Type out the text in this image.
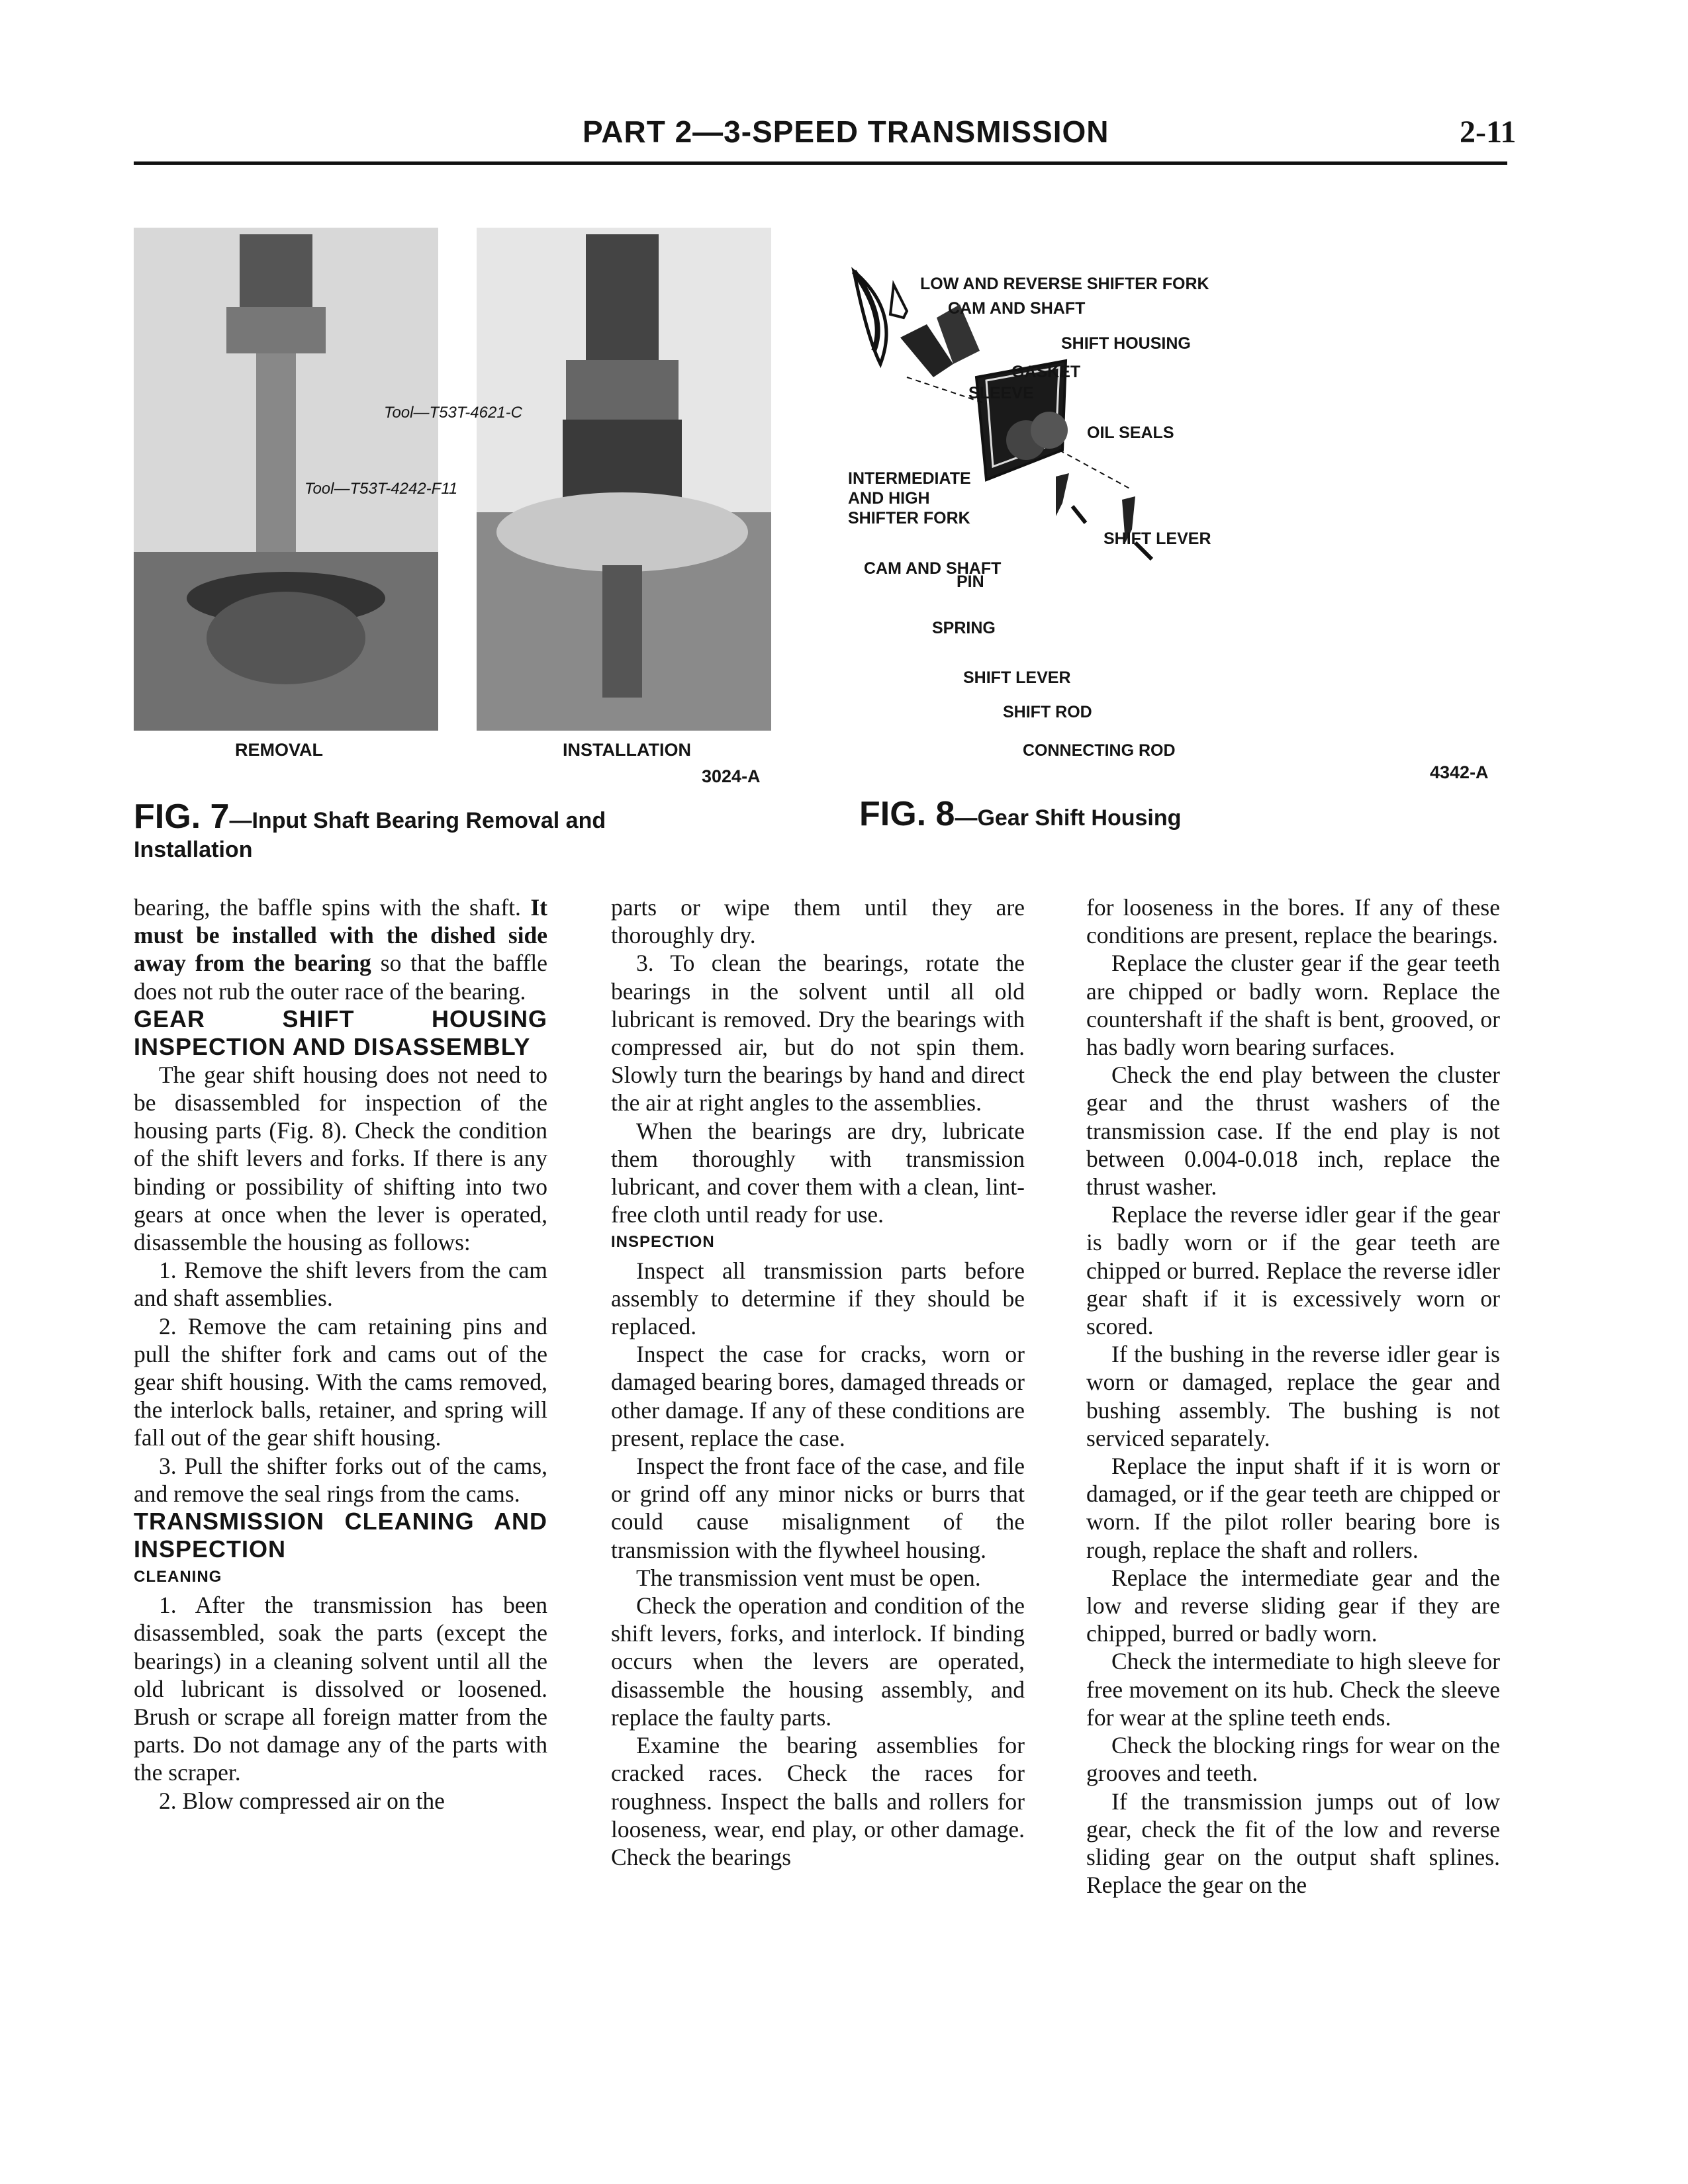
PART 2—3-SPEED TRANSMISSION	2-11
Tool—T53T-4621-C
Tool—T53T-4242-F11
REMOVAL	INSTALLATION
3024-A
FIG. 7—Input Shaft Bearing Removal and Installation
LOW AND REVERSE SHIFTER FORK
CAM AND SHAFT
SHIFT HOUSING
GASKET
SLEEVE
OIL SEALS
INTERMEDIATE
AND HIGH
SHIFTER FORK
SHIFT LEVER
CAM AND SHAFT
PIN
SPRING
SHIFT LEVER
SHIFT ROD
CONNECTING ROD
4342-A
FIG. 8—Gear Shift Housing

bearing, the baffle spins with the shaft. It must be installed with the dished side away from the bearing so that the baffle does not rub the outer race of the bearing.

GEAR SHIFT HOUSING INSPECTION AND DISASSEMBLY

The gear shift housing does not need to be disassembled for inspection of the housing parts (Fig. 8). Check the condition of the shift levers and forks. If there is any binding or possibility of shifting into two gears at once when the lever is operated, disassemble the housing as follows:

1. Remove the shift levers from the cam and shaft assemblies.

2. Remove the cam retaining pins and pull the shifter fork and cams out of the gear shift housing. With the cams removed, the interlock balls, retainer, and spring will fall out of the gear shift housing.

3. Pull the shifter forks out of the cams, and remove the seal rings from the cams.

TRANSMISSION CLEANING AND INSPECTION

CLEANING

1. After the transmission has been disassembled, soak the parts (except the bearings) in a cleaning solvent until all the old lubricant is dissolved or loosened. Brush or scrape all foreign matter from the parts. Do not damage any of the parts with the scraper.

2. Blow compressed air on the

parts or wipe them until they are thoroughly dry.

3. To clean the bearings, rotate the bearings in the solvent until all old lubricant is removed. Dry the bearings with compressed air, but do not spin them. Slowly turn the bearings by hand and direct the air at right angles to the assemblies.

When the bearings are dry, lubricate them thoroughly with transmission lubricant, and cover them with a clean, lint-free cloth until ready for use.

INSPECTION

Inspect all transmission parts before assembly to determine if they should be replaced.

Inspect the case for cracks, worn or damaged bearing bores, damaged threads or other damage. If any of these conditions are present, replace the case.

Inspect the front face of the case, and file or grind off any minor nicks or burrs that could cause misalignment of the transmission with the flywheel housing.

The transmission vent must be open.

Check the operation and condition of the shift levers, forks, and interlock. If binding occurs when the levers are operated, disassemble the housing assembly, and replace the faulty parts.

Examine the bearing assemblies for cracked races. Check the races for roughness. Inspect the balls and rollers for looseness, wear, end play, or other damage. Check the bearings

for looseness in the bores. If any of these conditions are present, replace the bearings.

Replace the cluster gear if the gear teeth are chipped or badly worn. Replace the countershaft if the shaft is bent, grooved, or has badly worn bearing surfaces.

Check the end play between the cluster gear and the thrust washers of the transmission case. If the end play is not between 0.004-0.018 inch, replace the thrust washer.

Replace the reverse idler gear if the gear is badly worn or if the gear teeth are chipped or burred. Replace the reverse idler gear shaft if it is excessively worn or scored.

If the bushing in the reverse idler gear is worn or damaged, replace the gear and bushing assembly. The bushing is not serviced separately.

Replace the input shaft if it is worn or damaged, or if the gear teeth are chipped or worn. If the pilot roller bearing bore is rough, replace the shaft and rollers.

Replace the intermediate gear and the low and reverse sliding gear if they are chipped, burred or badly worn.

Check the intermediate to high sleeve for free movement on its hub. Check the sleeve for wear at the spline teeth ends.

Check the blocking rings for wear on the grooves and teeth.

If the transmission jumps out of low gear, check the fit of the low and reverse sliding gear on the output shaft splines. Replace the gear on the
